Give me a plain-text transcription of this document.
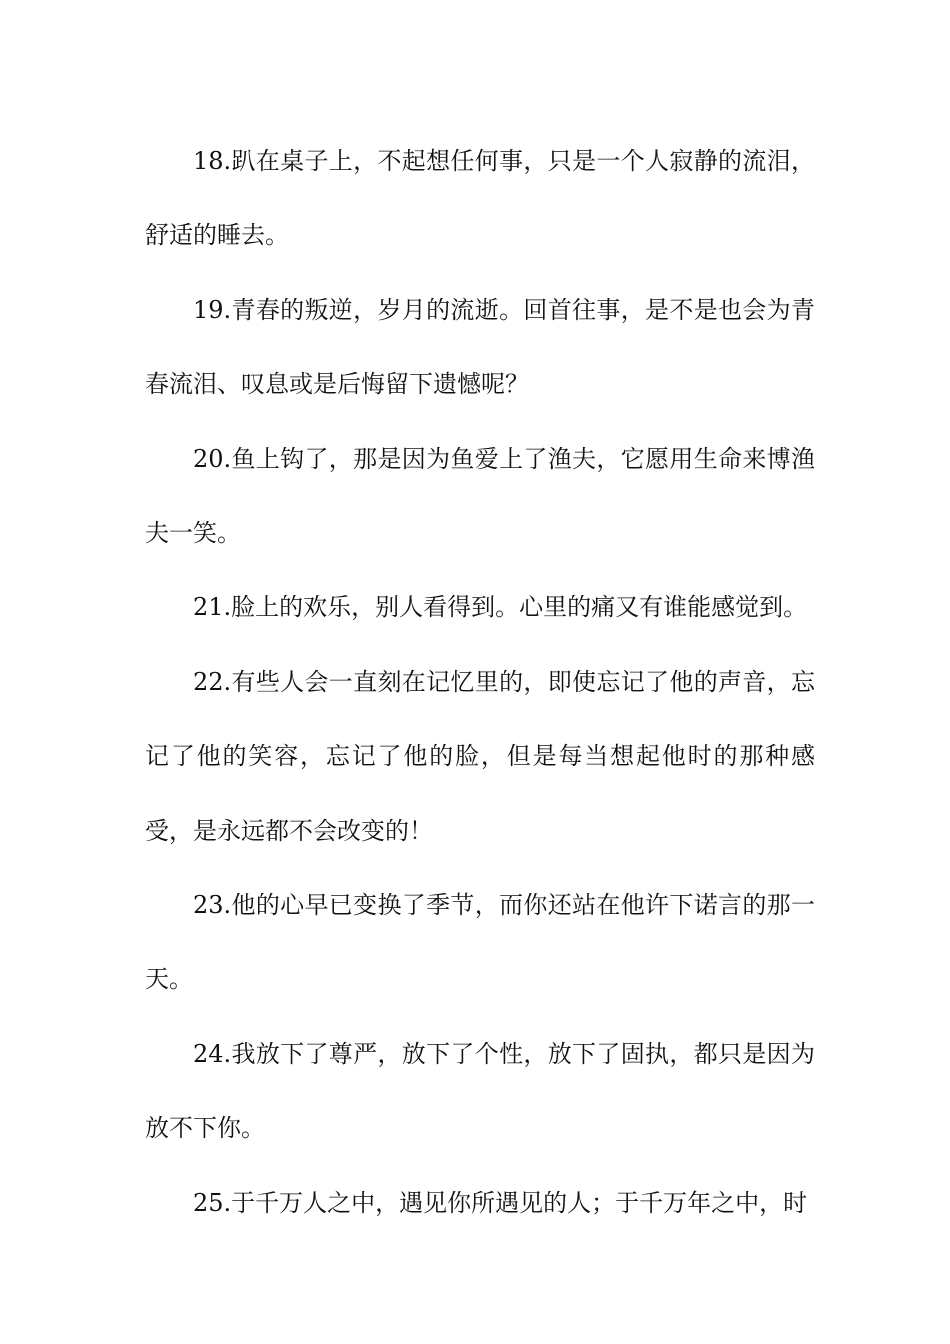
18.趴在桌子上，不起想任何事，只是一个人寂静的流泪，舒适的睡去。

19.青春的叛逆，岁月的流逝。回首往事，是不是也会为青春流泪、叹息或是后悔留下遗憾呢？

20.鱼上钩了，那是因为鱼爱上了渔夫，它愿用生命来博渔夫一笑。

21.脸上的欢乐，别人看得到。心里的痛又有谁能感觉到。

22.有些人会一直刻在记忆里的，即使忘记了他的声音，忘记了他的笑容，忘记了他的脸，但是每当想起他时的那种感受，是永远都不会改变的！

23.他的心早已变换了季节，而你还站在他许下诺言的那一天。

24.我放下了尊严，放下了个性，放下了固执，都只是因为放不下你。

25.于千万人之中，遇见你所遇见的人；于千万年之中，时
